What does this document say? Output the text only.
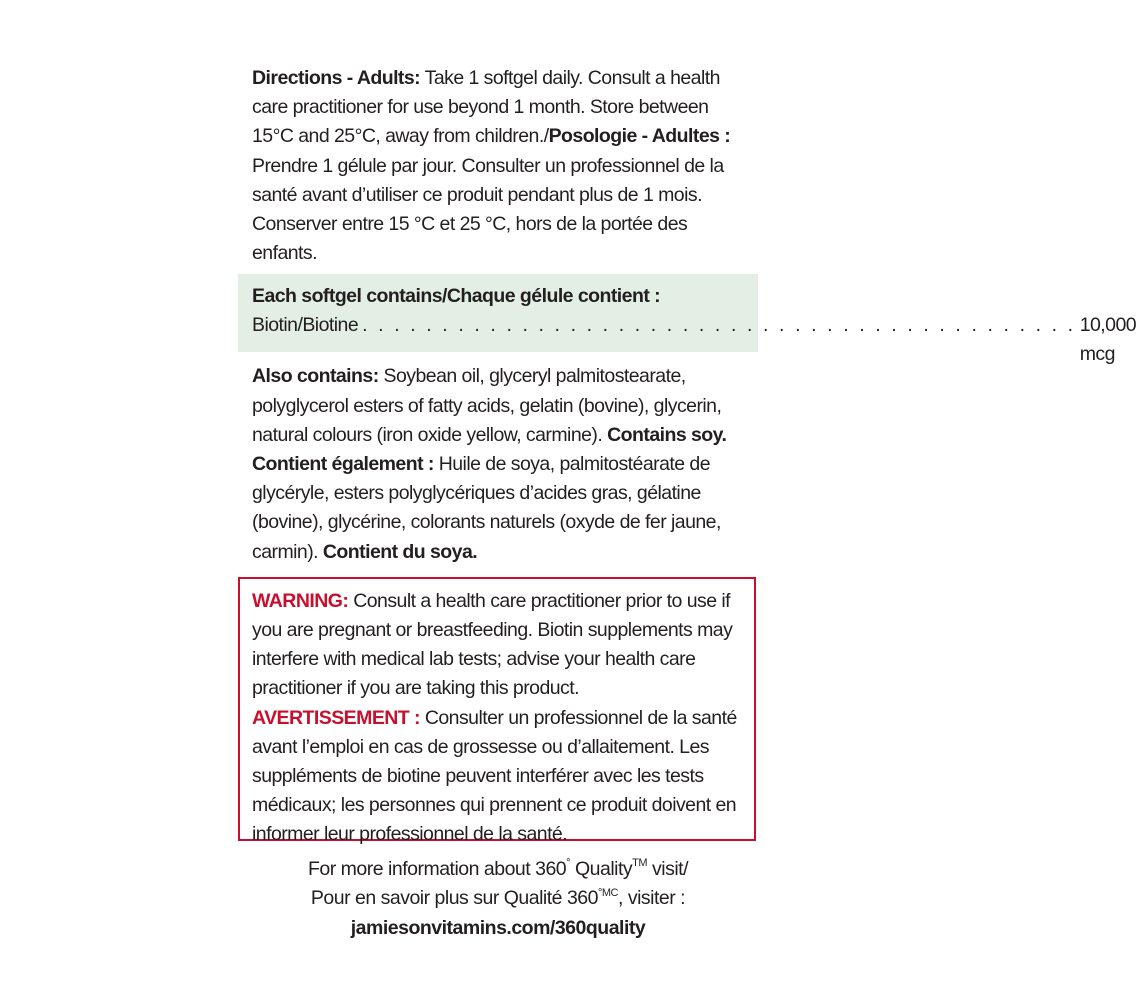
Directions - Adults: Take 1 softgel daily. Consult a health care practitioner for use beyond 1 month. Store between 15°C and 25°C, away from children./Posologie - Adultes : Prendre 1 gélule par jour. Consulter un professionnel de la santé avant d’utiliser ce produit pendant plus de 1 mois. Conserver entre 15 °C et 25 °C, hors de la portée des enfants.

Each softgel contains/Chaque gélule contient :
Biotin/Biotine . . . . . . . . . . . . . . . . . . . . . . . . . . . . . . . . . . . . . . . . . . . . . 10,000 mcg

Also contains: Soybean oil, glyceryl palmitostearate, polyglycerol esters of fatty acids, gelatin (bovine), glycerin, natural colours (iron oxide yellow, carmine). Contains soy.
Contient également : Huile de soya, palmitostéarate de glycéryle, esters polyglycériques d’acides gras, gélatine (bovine), glycérine, colorants naturels (oxyde de fer jaune, carmin). Contient du soya.

WARNING: Consult a health care practitioner prior to use if you are pregnant or breastfeeding. Biotin supplements may interfere with medical lab tests; advise your health care practitioner if you are taking this product.
AVERTISSEMENT : Consulter un professionnel de la santé avant l’emploi en cas de grossesse ou d’allaitement. Les suppléments de biotine peuvent interférer avec les tests médicaux; les personnes qui prennent ce produit doivent en informer leur professionnel de la santé.

For more information about 360° Quality™ visit/
Pour en savoir plus sur Qualité $360^{^\circ MC}$, visiter :
jamiesonvitamins.com/360quality
